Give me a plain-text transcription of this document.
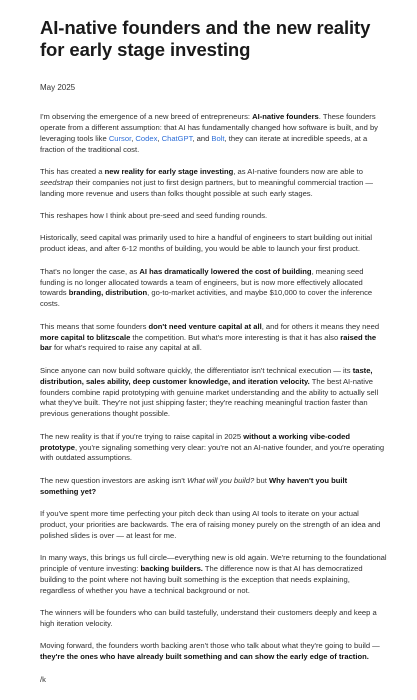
AI-native founders and the new reality for early stage investing
May 2025

I'm observing the emergence of a new breed of entrepreneurs: AI-native founders. These founders operate from a different assumption: that AI has fundamentally changed how software is built, and by leveraging tools like Cursor, Codex, ChatGPT, and Bolt, they can iterate at incredible speeds, at a fraction of the traditional cost.

This has created a new reality for early stage investing, as AI-native founders now are able to seedstrap their companies not just to first design partners, but to meaningful commercial traction — landing more revenue and users than folks thought possible at such early stages.

This reshapes how I think about pre-seed and seed funding rounds.

Historically, seed capital was primarily used to hire a handful of engineers to start building out initial product ideas, and after 6-12 months of building, you would be able to launch your first product.

That's no longer the case, as AI has dramatically lowered the cost of building, meaning seed funding is no longer allocated towards a team of engineers, but is now more effectively allocated towards branding, distribution, go-to-market activities, and maybe $10,000 to cover the inference costs.

This means that some founders don't need venture capital at all, and for others it means they need more capital to blitzscale the competition. But what's more interesting is that it has also raised the bar for what's required to raise any capital at all.

Since anyone can now build software quickly, the differentiator isn't technical execution — its taste, distribution, sales ability, deep customer knowledge, and iteration velocity. The best AI-native founders combine rapid prototyping with genuine market understanding and the ability to actually sell what they've built. They're not just shipping faster; they're reaching meaningful traction faster than previous generations thought possible.

The new reality is that if you're trying to raise capital in 2025 without a working vibe-coded prototype, you're signaling something very clear: you're not an AI-native founder, and you're operating with outdated assumptions.

The new question investors are asking isn't What will you build? but Why haven't you built something yet?

If you've spent more time perfecting your pitch deck than using AI tools to iterate on your actual product, your priorities are backwards. The era of raising money purely on the strength of an idea and polished slides is over — at least for me.

In many ways, this brings us full circle—everything new is old again. We're returning to the foundational principle of venture investing: backing builders. The difference now is that AI has democratized building to the point where not having built something is the exception that needs explaining, regardless of whether you have a technical background or not.

The winners will be founders who can build tastefully, understand their customers deeply and keep a high iteration velocity.

Moving forward, the founders worth backing aren't those who talk about what they're going to build — they're the ones who have already built something and can show the early edge of traction.

/k
